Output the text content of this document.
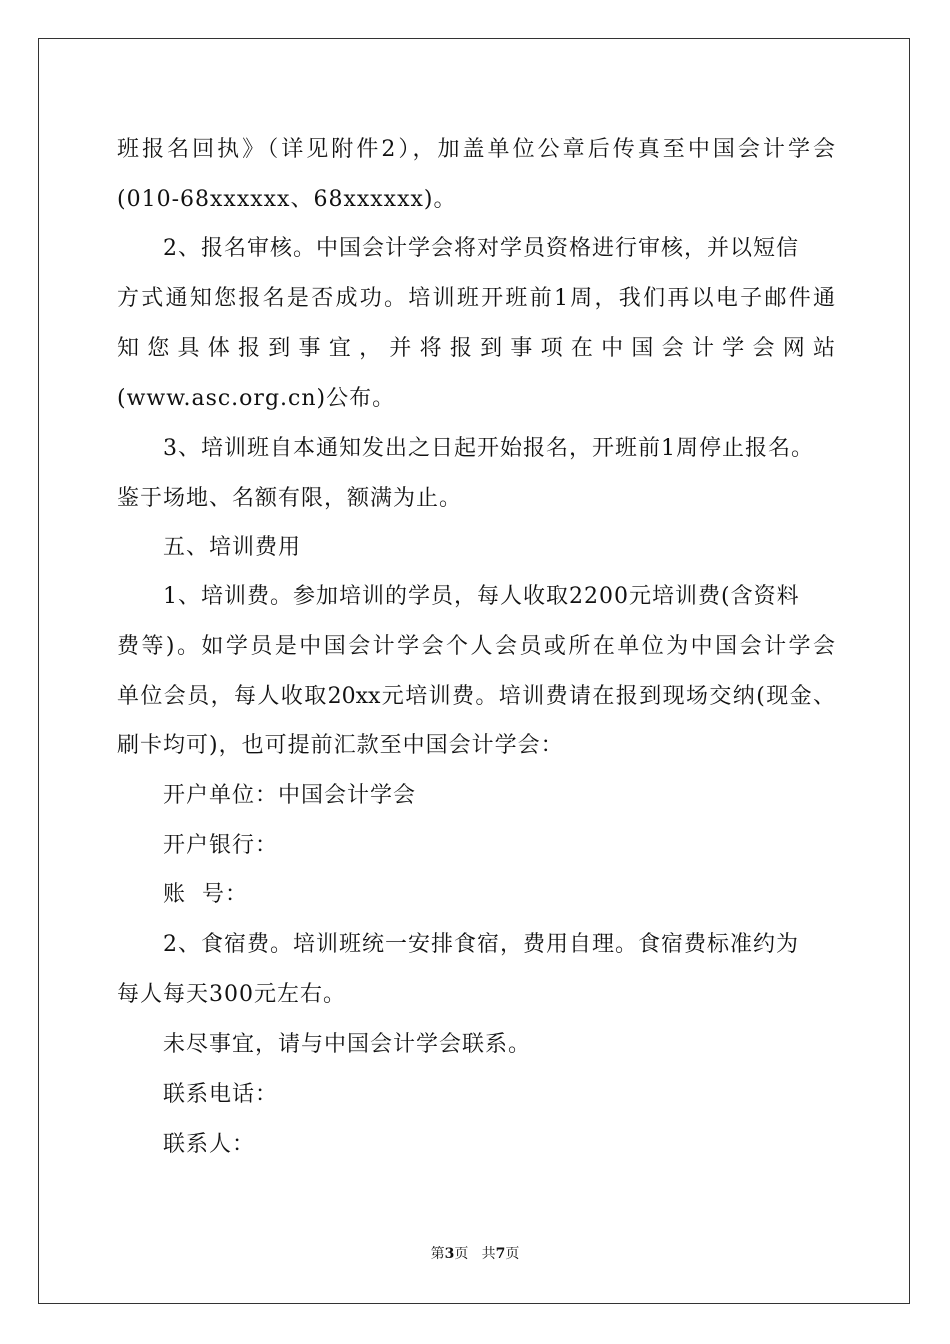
班报名回执》（详见附件2），加盖单位公章后传真至中国会计学会
(010-68xxxxxx、68xxxxxx)。
2、报名审核。中国会计学会将对学员资格进行审核，并以短信
方式通知您报名是否成功。培训班开班前1周，我们再以电子邮件通
知您具体报到事宜，并将报到事项在中国会计学会网站
(www.asc.org.cn)公布。
3、培训班自本通知发出之日起开始报名，开班前1周停止报名。
鉴于场地、名额有限，额满为止。
五、培训费用
1、培训费。参加培训的学员，每人收取2200元培训费(含资料
费等)。如学员是中国会计学会个人会员或所在单位为中国会计学会
单位会员，每人收取20xx元培训费。培训费请在报到现场交纳(现金、
刷卡均可)，也可提前汇款至中国会计学会：
开户单位：中国会计学会
开户银行：
账  号：
2、食宿费。培训班统一安排食宿，费用自理。食宿费标准约为
每人每天300元左右。
未尽事宜，请与中国会计学会联系。
联系电话：
联系人：
第3页 共7页
